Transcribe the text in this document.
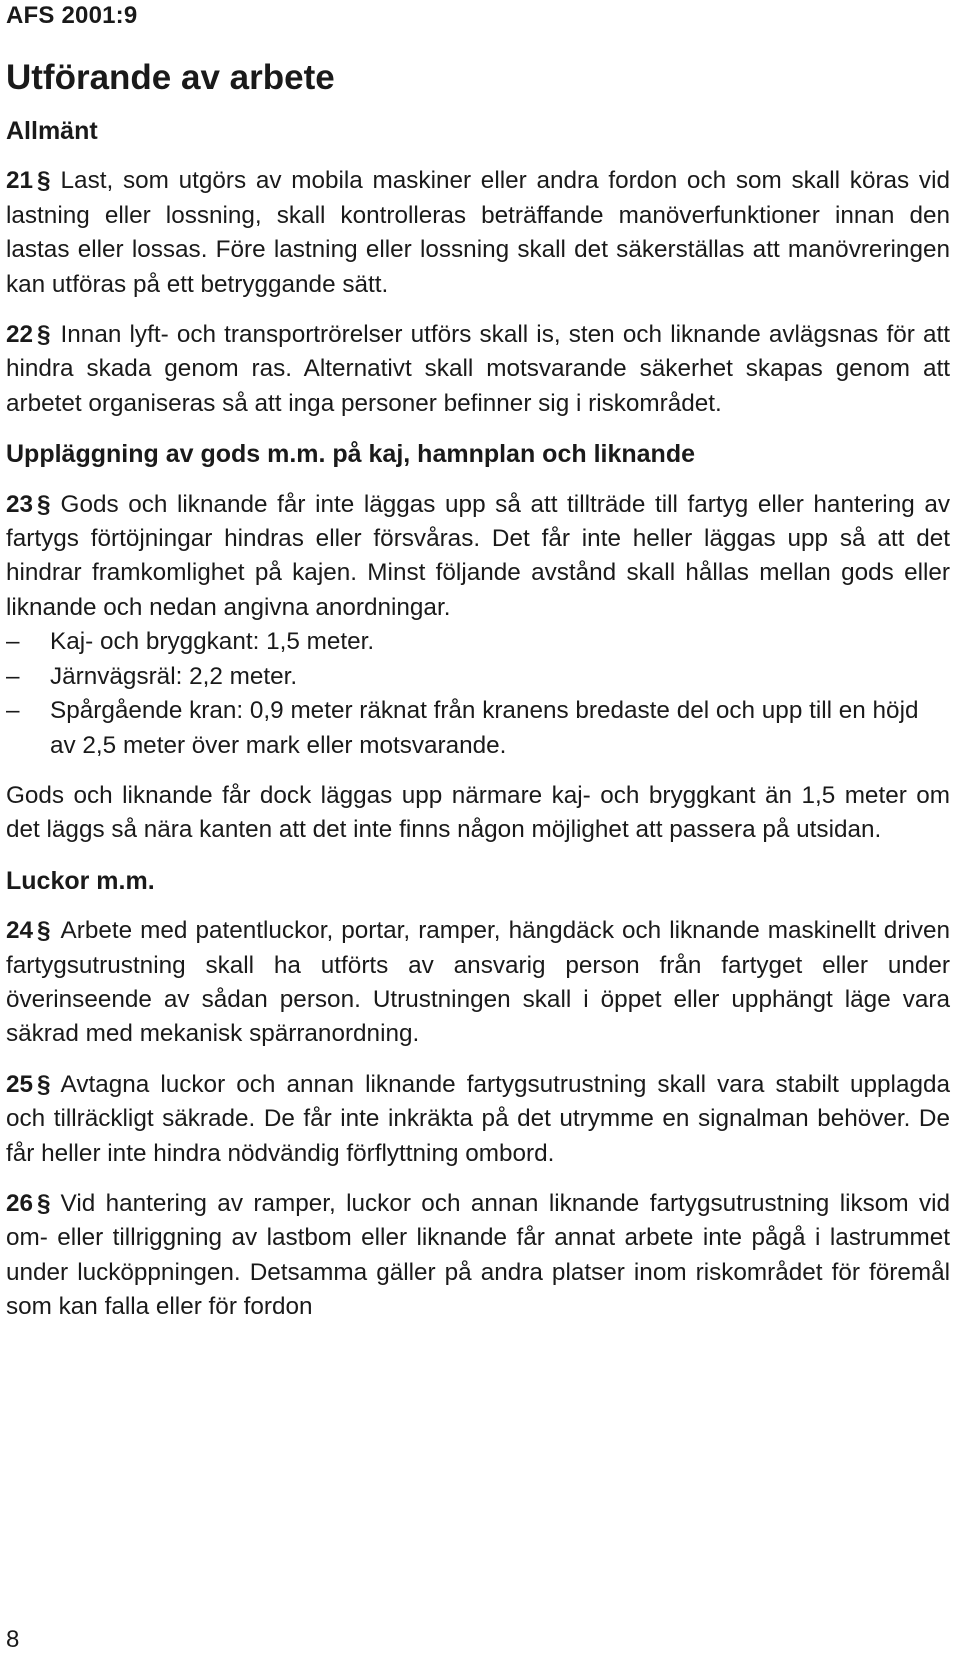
AFS 2001:9
Utförande av arbete
Allmänt

21 § Last, som utgörs av mobila maskiner eller andra fordon och som skall köras vid lastning eller lossning, skall kontrolleras beträffande manöverfunktioner innan den lastas eller lossas. Före lastning eller lossning skall det säkerställas att manövreringen kan utföras på ett betryggande sätt.

22 § Innan lyft- och transportrörelser utförs skall is, sten och liknande avlägsnas för att hindra skada genom ras. Alternativt skall motsvarande säkerhet skapas genom att arbetet organiseras så att inga personer befinner sig i riskområdet.

Uppläggning av gods m.m. på kaj, hamnplan och liknande

23 § Gods och liknande får inte läggas upp så att tillträde till fartyg eller hantering av fartygs förtöjningar hindras eller försvåras. Det får inte heller läggas upp så att det hindrar framkomlighet på kajen. Minst följande avstånd skall hållas mellan gods eller liknande och nedan angivna anordningar.

– Kaj- och bryggkant: 1,5 meter.
– Järnvägsräl: 2,2 meter.
– Spårgående kran: 0,9 meter räknat från kranens bredaste del och upp till en höjd av 2,5 meter över mark eller motsvarande.

Gods och liknande får dock läggas upp närmare kaj- och bryggkant än 1,5 meter om det läggs så nära kanten att det inte finns någon möjlighet att passera på utsidan.

Luckor m.m.

24 § Arbete med patentluckor, portar, ramper, hängdäck och liknande maskinellt driven fartygsutrustning skall ha utförts av ansvarig person från fartyget eller under överinseende av sådan person. Utrustningen skall i öppet eller upphängt läge vara säkrad med mekanisk spärranordning.

25 § Avtagna luckor och annan liknande fartygsutrustning skall vara stabilt upplagda och tillräckligt säkrade. De får inte inkräkta på det utrymme en signalman behöver. De får heller inte hindra nödvändig förflyttning ombord.

26 § Vid hantering av ramper, luckor och annan liknande fartygsutrustning liksom vid om- eller tillriggning av lastbom eller liknande får annat arbete inte pågå i lastrummet under lucköppningen. Detsamma gäller på andra platser inom riskområdet för föremål som kan falla eller för fordon

8
